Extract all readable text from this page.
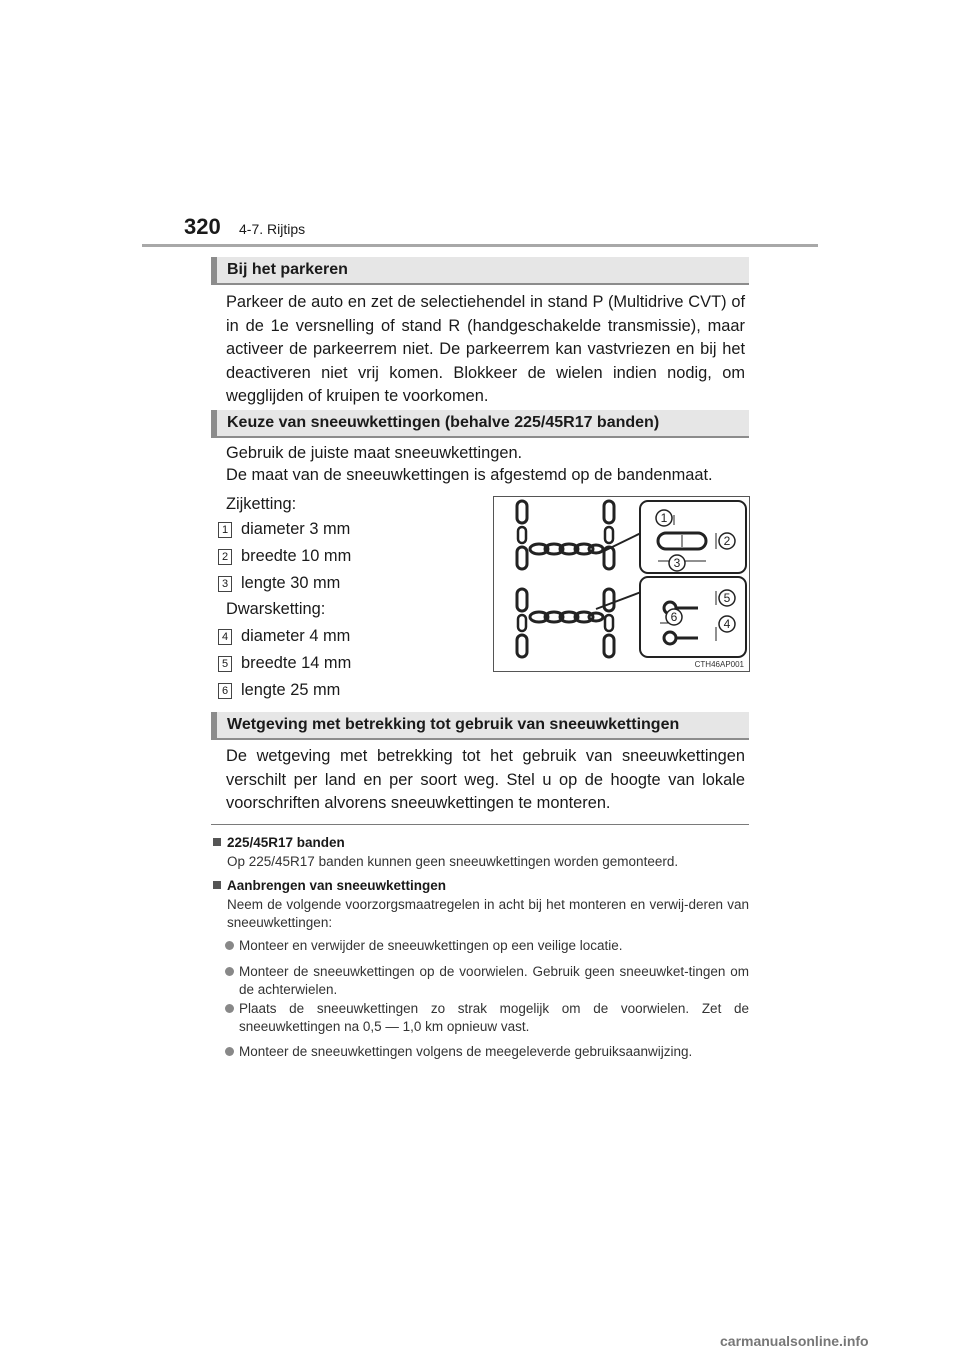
320 4-7. Rijtips
Bij het parkeren

Parkeer de auto en zet de selectiehendel in stand P (Multidrive CVT) of in de 1e versnelling of stand R (handgeschakelde transmissie), maar activeer de parkeerrem niet. De parkeerrem kan vastvriezen en bij het deactiveren niet vrij komen. Blokkeer de wielen indien nodig, om wegglijden of kruipen te voorkomen.

Keuze van sneeuwkettingen (behalve 225/45R17 banden)
Gebruik de juiste maat sneeuwkettingen.
De maat van de sneeuwkettingen is afgestemd op de bandenmaat.
Zijketting:
1 diameter 3 mm
2 breedte 10 mm
3 lengte 30 mm
Dwarsketting:
4 diameter 4 mm
5 breedte 14 mm
6 lengte 25 mm
1
2
3
5
6	4
CTH46AP001
Wetgeving met betrekking tot gebruik van sneeuwkettingen

De wetgeving met betrekking tot het gebruik van sneeuwkettingen verschilt per land en per soort weg. Stel u op de hoogte van lokale voorschriften alvorens sneeuwkettingen te monteren.

225/45R17 banden
Op 225/45R17 banden kunnen geen sneeuwkettingen worden gemonteerd.
Aanbrengen van sneeuwkettingen
Neem de volgende voorzorgsmaatregelen in acht bij het monteren en verwij-deren van sneeuwkettingen:
Monteer en verwijder de sneeuwkettingen op een veilige locatie.
Monteer de sneeuwkettingen op de voorwielen. Gebruik geen sneeuwket-tingen om de achterwielen.
Plaats de sneeuwkettingen zo strak mogelijk om de voorwielen. Zet de sneeuwkettingen na 0,5 — 1,0 km opnieuw vast.
Monteer de sneeuwkettingen volgens de meegeleverde gebruiksaanwijzing.
carmanualsonline.info
